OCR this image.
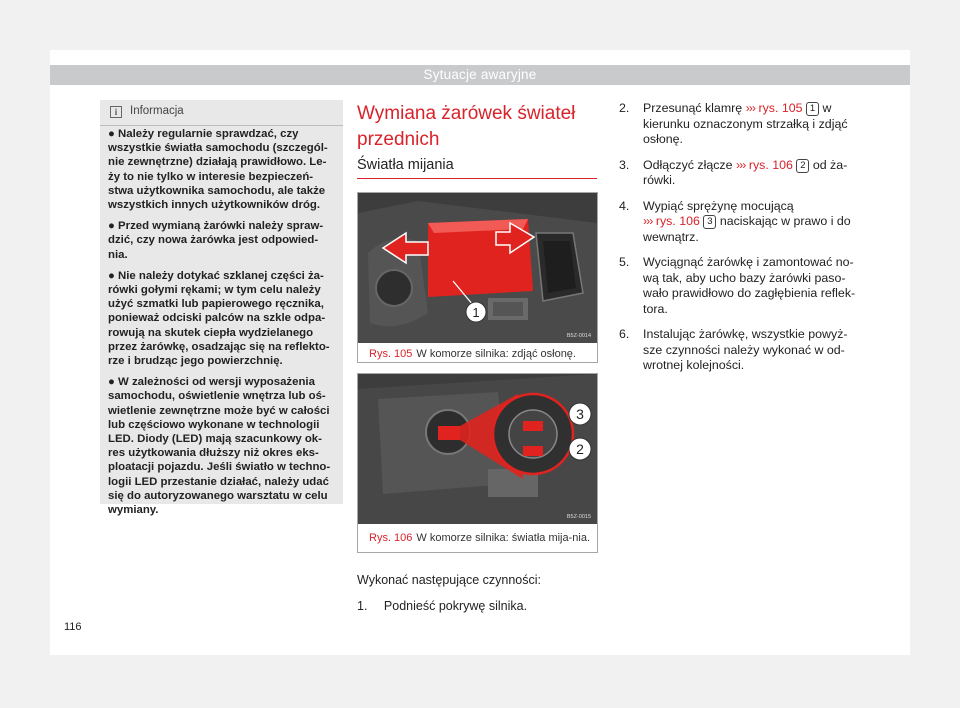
Sytuacje awaryjne
i	Informacja

● Należy regularnie sprawdzać, czy wszystkie światła samochodu (szczegól-nie zewnętrzne) działają prawidłowo. Le-ży to nie tylko w interesie bezpieczeń-stwa użytkownika samochodu, ale także wszystkich innych użytkowników dróg.

● Przed wymianą żarówki należy spraw-dzić, czy nowa żarówka jest odpowied-nia.

● Nie należy dotykać szklanej części ża-rówki gołymi rękami; w tym celu należy użyć szmatki lub papierowego ręcznika, ponieważ odciski palców na szkle odpa-rowują na skutek ciepła wydzielanego przez żarówkę, osadzając się na reflekto-rze i brudząc jego powierzchnię.

● W zależności od wersji wyposażenia samochodu, oświetlenie wnętrza lub oś-wietlenie zewnętrzne może być w całości lub częściowo wykonane w technologii LED. Diody (LED) mają szacunkowy ok-res użytkowania dłuższy niż okres eks-ploatacji pojazdu. Jeśli światło w techno-logii LED przestanie działać, należy udać się do autoryzowanego warsztatu w celu wymiany.

Wymiana żarówek świateł przednich
Światła mijania
1
B5Z-0014
Rys. 105 W komorze silnika: zdjąć osłonę.
3
2
B5Z-0015
Rys. 106 W komorze silnika: światła mija-nia.
Wykonać następujące czynności:
1. Podnieść pokrywę silnika.
2. Przesunąć klamrę ››› rys. 105 1 w kierunku oznaczonym strzałką i zdjąć osłonę.
3. Odłączyć złącze ››› rys. 106 2 od ża-rówki.
4. Wypiąć sprężynę mocującą
››› rys. 106 3 naciskając w prawo i do wewnątrz.
5. Wyciągnąć żarówkę i zamontować no-wą tak, aby ucho bazy żarówki paso-wało prawidłowo do zagłębienia reflek-tora.
6. Instalując żarówkę, wszystkie powyż-sze czynności należy wykonać w od-wrotnej kolejności.
116
